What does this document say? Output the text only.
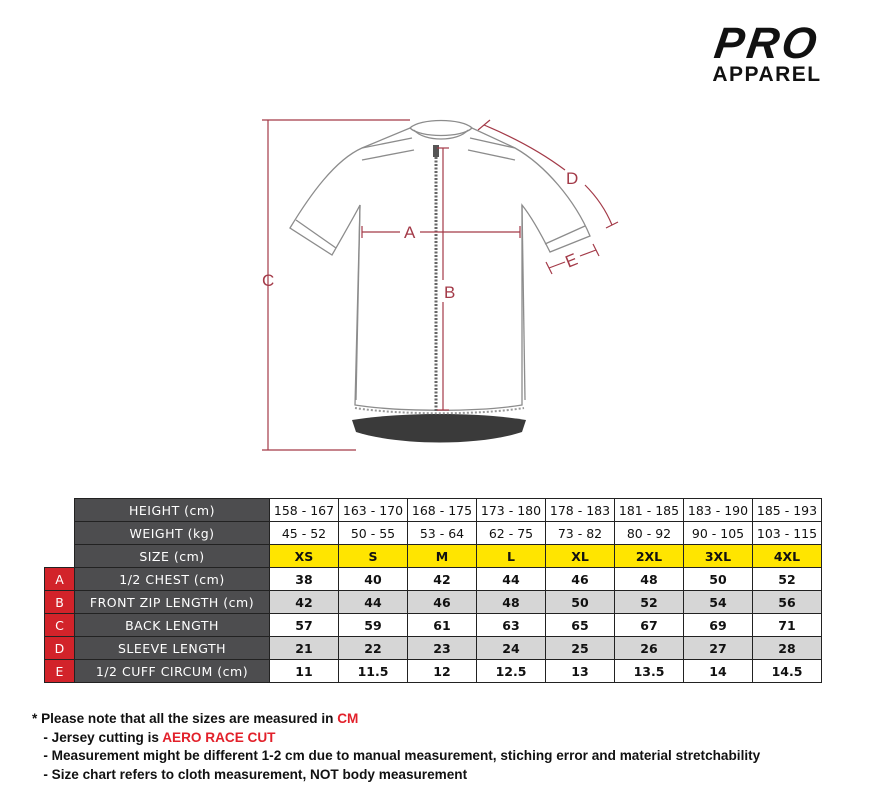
PRO
APPAREL
A
B
C
D
E
	HEIGHT (cm)	158 - 167	163 - 170	168 - 175	173 - 180	178 - 183	181 - 185	183 - 190	185 - 193
	WEIGHT (kg)	45 - 52	50 - 55	53 - 64	62 - 75	73 - 82	80 - 92	90 - 105	103 - 115
	SIZE (cm)	XS	S	M	L	XL	2XL	3XL	4XL
A	1/2 CHEST (cm)	38	40	42	44	46	48	50	52
B	FRONT ZIP LENGTH (cm)	42	44	46	48	50	52	54	56
C	BACK LENGTH	57	59	61	63	65	67	69	71
D	SLEEVE LENGTH	21	22	23	24	25	26	27	28
E	1/2 CUFF CIRCUM (cm)	11	11.5	12	12.5	13	13.5	14	14.5
* Please note that all the sizes are measured in CM
- Jersey cutting is AERO RACE CUT
- Measurement might be different 1-2 cm due to manual measurement, stiching error and material stretchability
- Size chart refers to cloth measurement, NOT body measurement
